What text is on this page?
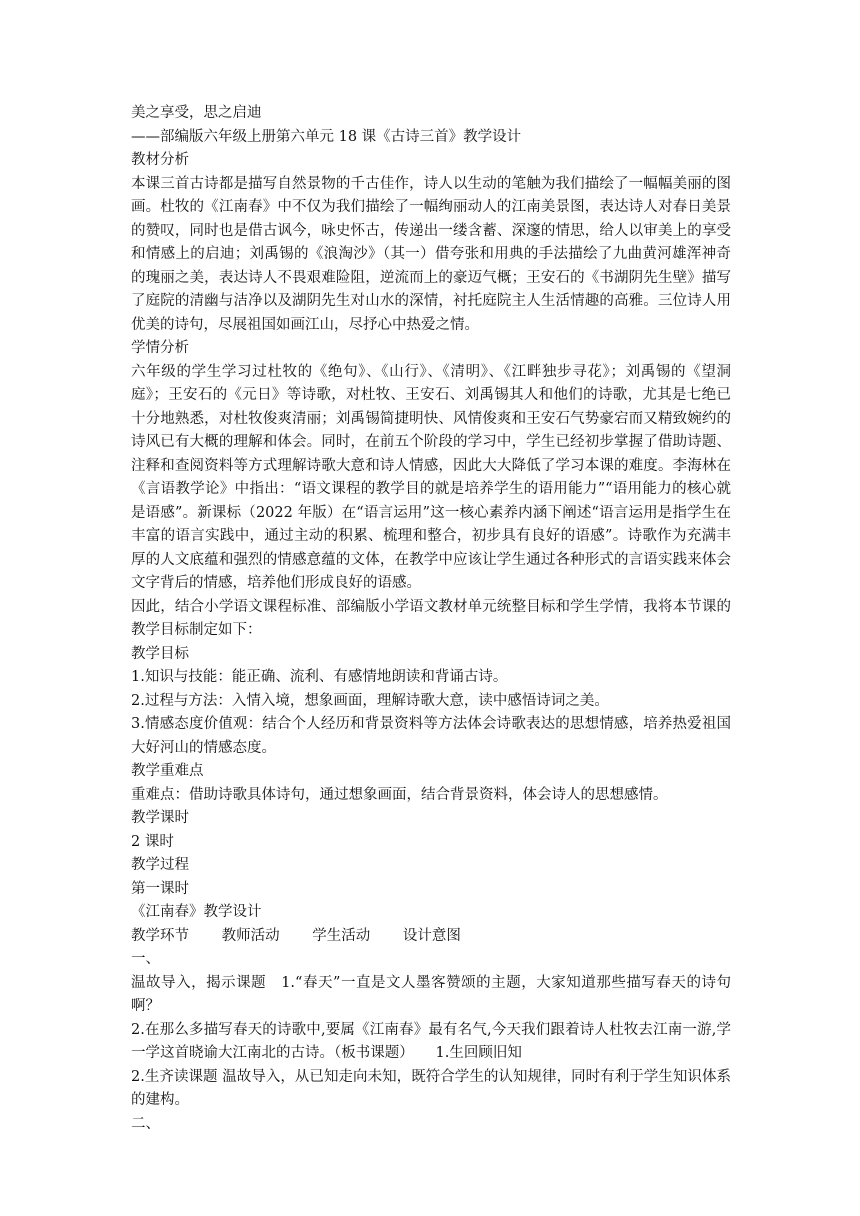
美之享受，思之启迪
——部编版六年级上册第六单元 18 课《古诗三首》教学设计
教材分析

本课三首古诗都是描写自然景物的千古佳作，诗人以生动的笔触为我们描绘了一幅幅美丽的图画。杜牧的《江南春》中不仅为我们描绘了一幅绚丽动人的江南美景图，表达诗人对春日美景的赞叹，同时也是借古讽今，咏史怀古，传递出一缕含蓄、深邃的情思，给人以审美上的享受和情感上的启迪；刘禹锡的《浪淘沙》（其一）借夸张和用典的手法描绘了九曲黄河雄浑神奇的瑰丽之美，表达诗人不畏艰难险阻，逆流而上的豪迈气概；王安石的《书湖阴先生壁》描写了庭院的清幽与洁净以及湖阴先生对山水的深情，衬托庭院主人生活情趣的高雅。三位诗人用优美的诗句，尽展祖国如画江山，尽抒心中热爱之情。

学情分析

六年级的学生学习过杜牧的《绝句》、《山行》、《清明》、《江畔独步寻花》；刘禹锡的《望洞庭》；王安石的《元日》等诗歌，对杜牧、王安石、刘禹锡其人和他们的诗歌，尤其是七绝已十分地熟悉，对杜牧俊爽清丽；刘禹锡简捷明快、风情俊爽和王安石气势豪宕而又精致婉约的诗风已有大概的理解和体会。同时，在前五个阶段的学习中，学生已经初步掌握了借助诗题、注释和查阅资料等方式理解诗歌大意和诗人情感，因此大大降低了学习本课的难度。李海林在《言语教学论》中指出：“语文课程的教学目的就是培养学生的语用能力”“语用能力的核心就是语感”。新课标（2022 年版）在“语言运用”这一核心素养内涵下阐述“语言运用是指学生在丰富的语言实践中，通过主动的积累、梳理和整合，初步具有良好的语感”。诗歌作为充满丰厚的人文底蕴和强烈的情感意蕴的文体，在教学中应该让学生通过各种形式的言语实践来体会文字背后的情感，培养他们形成良好的语感。

因此，结合小学语文课程标准、部编版小学语文教材单元统整目标和学生学情，我将本节课的教学目标制定如下：

教学目标

1.知识与技能：能正确、流利、有感情地朗读和背诵古诗。

2.过程与方法：入情入境，想象画面，理解诗歌大意，读中感悟诗词之美。

3.情感态度价值观：结合个人经历和背景资料等方法体会诗歌表达的思想情感，培养热爱祖国大好河山的情感态度。

教学重难点

重难点：借助诗歌具体诗句，通过想象画面，结合背景资料，体会诗人的思想感情。

教学课时
2 课时
教学过程
第一课时
《江南春》教学设计
教学环节 教师活动 学生活动 设计意图
一、

温故导入，揭示课题　1.“春天”一直是文人墨客赞颂的主题，大家知道那些描写春天的诗句啊？

2.在那么多描写春天的诗歌中,要属《江南春》最有名气,今天我们跟着诗人杜牧去江南一游,学一学这首晓谕大江南北的古诗。（板书课题）　　1.生回顾旧知

2.生齐读课题 温故导入，从已知走向未知，既符合学生的认知规律，同时有利于学生知识体系的建构。

二、
